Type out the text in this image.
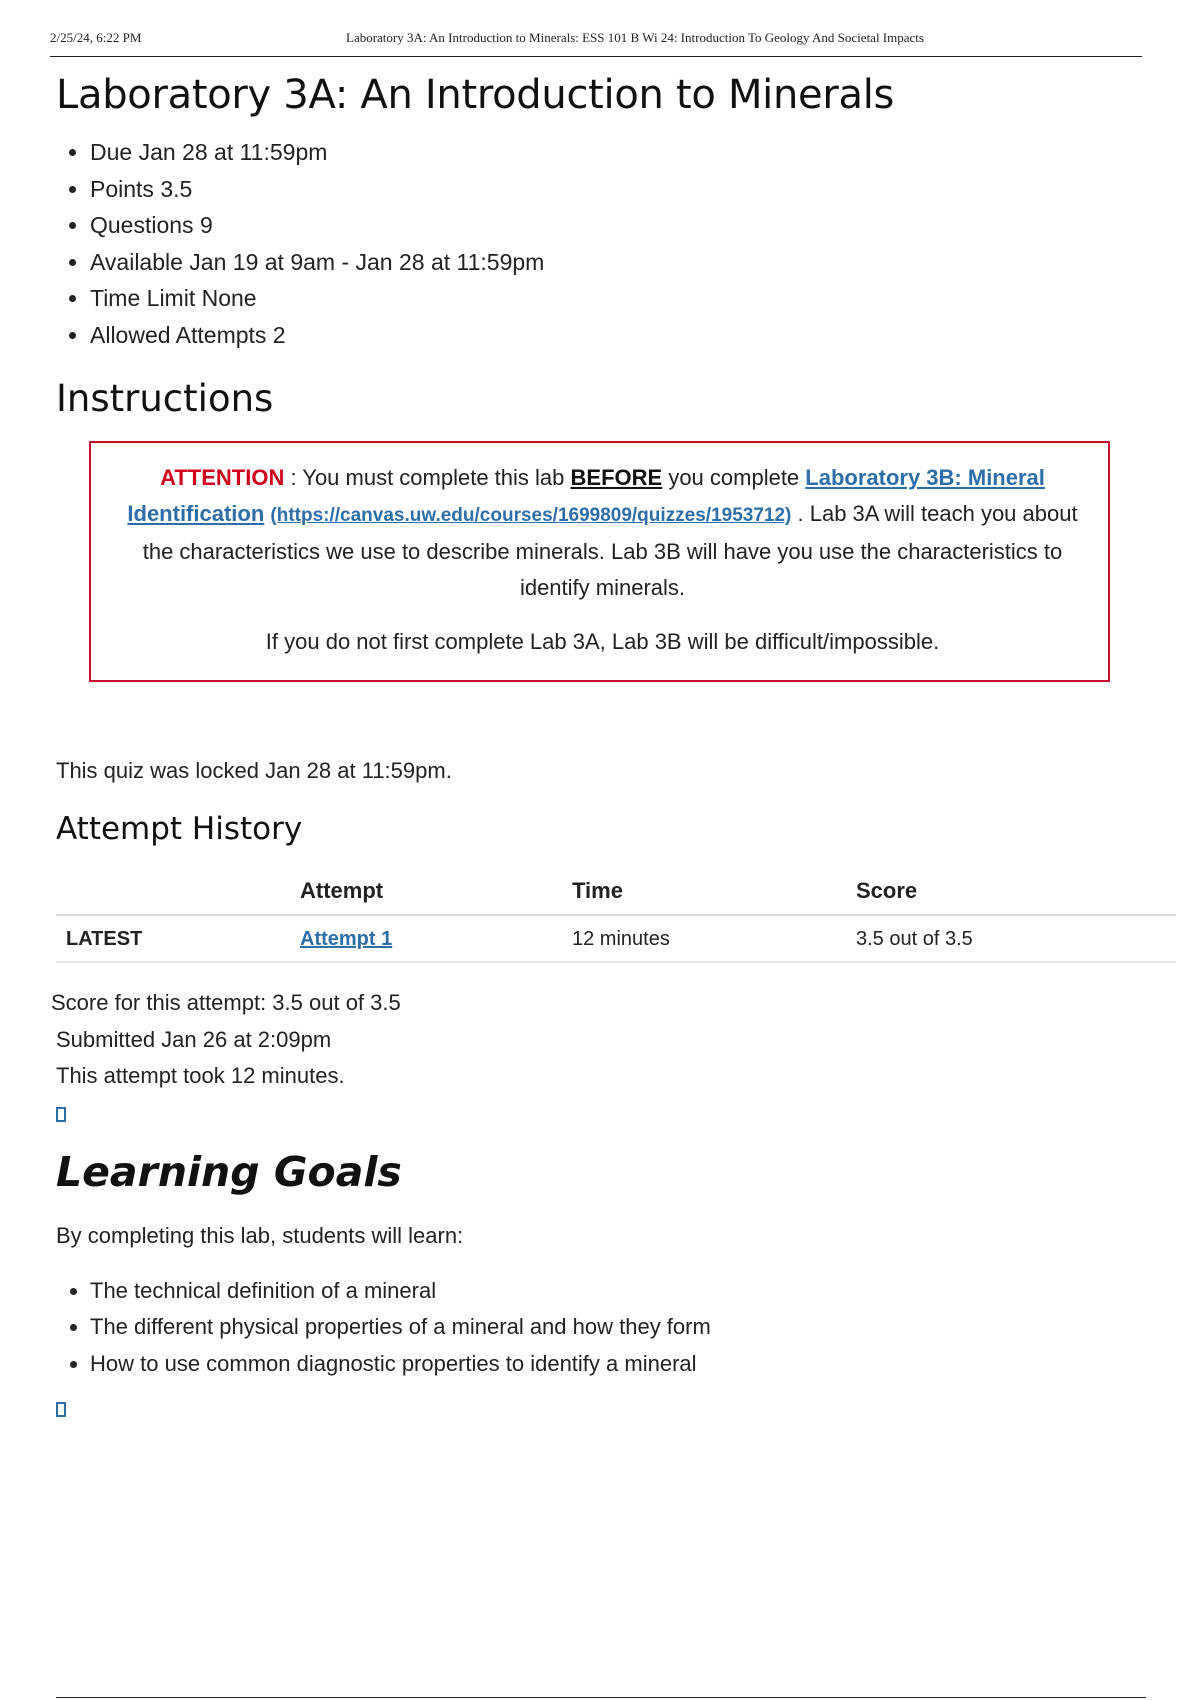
2/25/24, 6:22 PM	Laboratory 3A: An Introduction to Minerals: ESS 101 B Wi 24: Introduction To Geology And Societal Impacts
Laboratory 3A: An Introduction to Minerals
• Due Jan 28 at 11:59pm
• Points 3.5
• Questions 9
• Available Jan 19 at 9am - Jan 28 at 11:59pm
• Time Limit None
• Allowed Attempts 2
Instructions

ATTENTION : You must complete this lab BEFORE you complete Laboratory 3B: Mineral Identification (https://canvas.uw.edu/courses/1699809/quizzes/1953712) . Lab 3A will teach you about the characteristics we use to describe minerals. Lab 3B will have you use the characteristics to identify minerals.

If you do not first complete Lab 3A, Lab 3B will be difficult/impossible.

This quiz was locked Jan 28 at 11:59pm.
Attempt History
	Attempt	Time	Score
LATEST	Attempt 1	12 minutes	3.5 out of 3.5
Score for this attempt: 3.5 out of 3.5
Submitted Jan 26 at 2:09pm
This attempt took 12 minutes.
Learning Goals
By completing this lab, students will learn:
• The technical definition of a mineral
• The different physical properties of a mineral and how they form
• How to use common diagnostic properties to identify a mineral
